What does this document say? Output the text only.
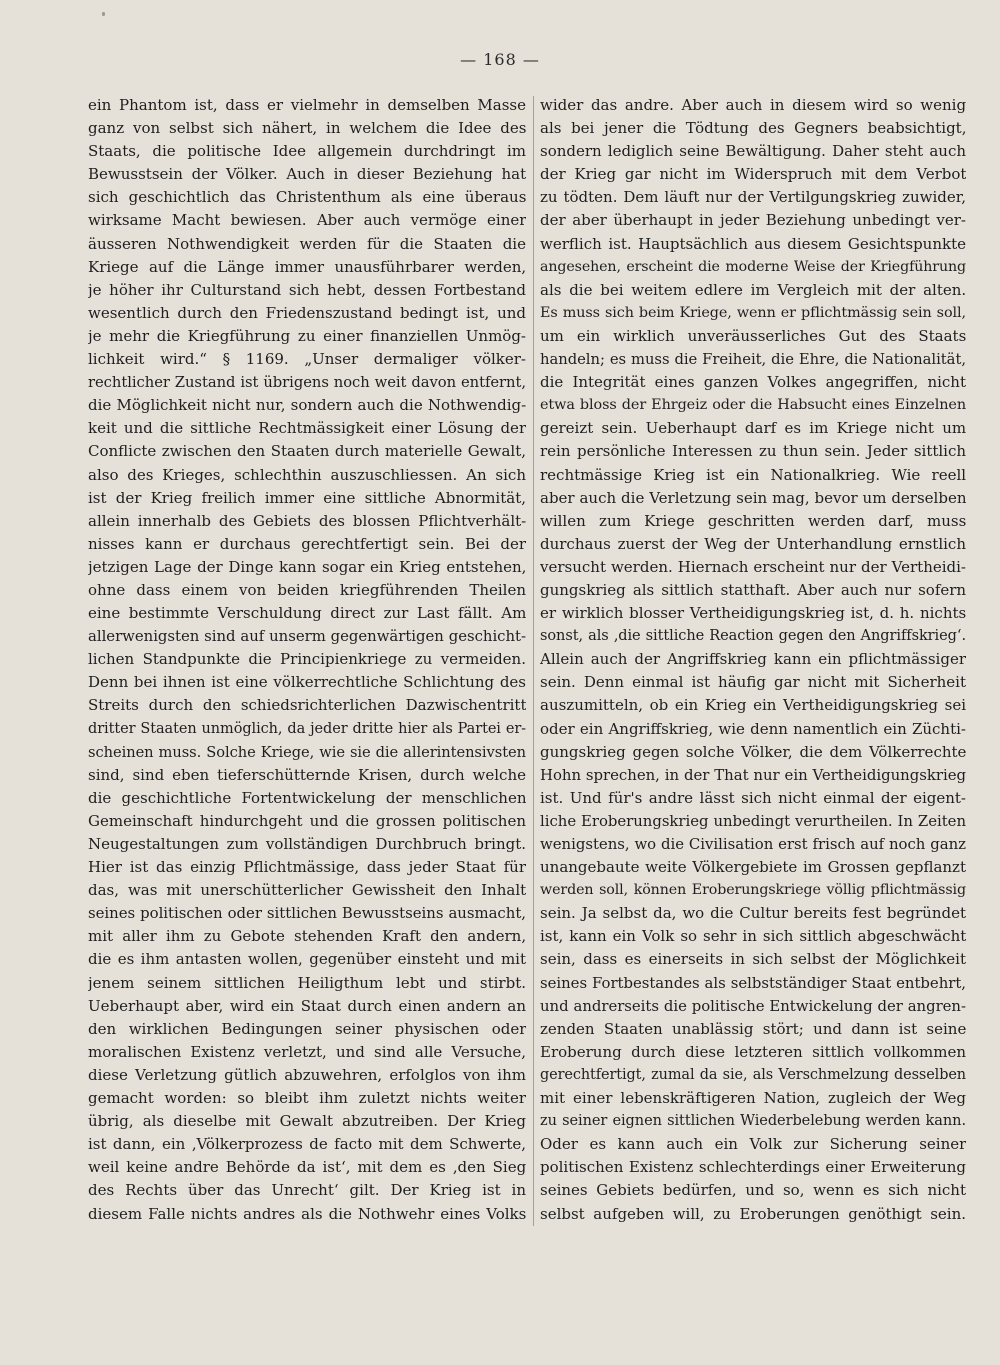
— 168 —
ein Phantom ist, dass er vielmehr in demselben Masse
ganz von selbst sich nähert, in welchem die Idee des
Staats, die politische Idee allgemein durchdringt im
Bewusstsein der Völker. Auch in dieser Beziehung hat
sich geschichtlich das Christenthum als eine überaus
wirksame Macht bewiesen. Aber auch vermöge einer
äusseren Nothwendigkeit werden für die Staaten die
Kriege auf die Länge immer unausführbarer werden,
je höher ihr Culturstand sich hebt, dessen Fortbestand
wesentlich durch den Friedenszustand bedingt ist, und
je mehr die Kriegführung zu einer finanziellen Unmög-
lichkeit wird.“ § 1169. „Unser dermaliger völker-
rechtlicher Zustand ist übrigens noch weit davon entfernt,
die Möglichkeit nicht nur, sondern auch die Nothwendig-
keit und die sittliche Rechtmässigkeit einer Lösung der
Conflicte zwischen den Staaten durch materielle Gewalt,
also des Krieges, schlechthin auszuschliessen. An sich
ist der Krieg freilich immer eine sittliche Abnormität,
allein innerhalb des Gebiets des blossen Pflichtverhält-
nisses kann er durchaus gerechtfertigt sein. Bei der
jetzigen Lage der Dinge kann sogar ein Krieg entstehen,
ohne dass einem von beiden kriegführenden Theilen
eine bestimmte Verschuldung direct zur Last fällt. Am
allerwenigsten sind auf unserm gegenwärtigen geschicht-
lichen Standpunkte die Principienkriege zu vermeiden.
Denn bei ihnen ist eine völkerrechtliche Schlichtung des
Streits durch den schiedsrichterlichen Dazwischentritt
dritter Staaten unmöglich, da jeder dritte hier als Partei er-
scheinen muss. Solche Kriege, wie sie die allerintensivsten
sind, sind eben tieferschütternde Krisen, durch welche
die geschichtliche Fortentwickelung der menschlichen
Gemeinschaft hindurchgeht und die grossen politischen
Neugestaltungen zum vollständigen Durchbruch bringt.
Hier ist das einzig Pflichtmässige, dass jeder Staat für
das, was mit unerschütterlicher Gewissheit den Inhalt
seines politischen oder sittlichen Bewusstseins ausmacht,
mit aller ihm zu Gebote stehenden Kraft den andern,
die es ihm antasten wollen, gegenüber einsteht und mit
jenem seinem sittlichen Heiligthum lebt und stirbt.
Ueberhaupt aber, wird ein Staat durch einen andern an
den wirklichen Bedingungen seiner physischen oder
moralischen Existenz verletzt, und sind alle Versuche,
diese Verletzung gütlich abzuwehren, erfolglos von ihm
gemacht worden: so bleibt ihm zuletzt nichts weiter
übrig, als dieselbe mit Gewalt abzutreiben. Der Krieg
ist dann, ein ‚Völkerprozess de facto mit dem Schwerte,
weil keine andre Behörde da ist‘, mit dem es ‚den Sieg
des Rechts über das Unrecht‘ gilt. Der Krieg ist in
diesem Falle nichts andres als die Nothwehr eines Volks
wider das andre. Aber auch in diesem wird so wenig
als bei jener die Tödtung des Gegners beabsichtigt,
sondern lediglich seine Bewältigung. Daher steht auch
der Krieg gar nicht im Widerspruch mit dem Verbot
zu tödten. Dem läuft nur der Vertilgungskrieg zuwider,
der aber überhaupt in jeder Beziehung unbedingt ver-
werflich ist. Hauptsächlich aus diesem Gesichtspunkte
angesehen, erscheint die moderne Weise der Kriegführung
als die bei weitem edlere im Vergleich mit der alten.
Es muss sich beim Kriege, wenn er pflichtmässig sein soll,
um ein wirklich unveräusserliches Gut des Staats
handeln; es muss die Freiheit, die Ehre, die Nationalität,
die Integrität eines ganzen Volkes angegriffen, nicht
etwa bloss der Ehrgeiz oder die Habsucht eines Einzelnen
gereizt sein. Ueberhaupt darf es im Kriege nicht um
rein persönliche Interessen zu thun sein. Jeder sittlich
rechtmässige Krieg ist ein Nationalkrieg. Wie reell
aber auch die Verletzung sein mag, bevor um derselben
willen zum Kriege geschritten werden darf, muss
durchaus zuerst der Weg der Unterhandlung ernstlich
versucht werden. Hiernach erscheint nur der Vertheidi-
gungskrieg als sittlich statthaft. Aber auch nur sofern
er wirklich blosser Vertheidigungskrieg ist, d. h. nichts
sonst, als ‚die sittliche Reaction gegen den Angriffskrieg‘.
Allein auch der Angriffskrieg kann ein pflichtmässiger
sein. Denn einmal ist häufig gar nicht mit Sicherheit
auszumitteln, ob ein Krieg ein Vertheidigungskrieg sei
oder ein Angriffskrieg, wie denn namentlich ein Züchti-
gungskrieg gegen solche Völker, die dem Völkerrechte
Hohn sprechen, in der That nur ein Vertheidigungskrieg
ist. Und für's andre lässt sich nicht einmal der eigent-
liche Eroberungskrieg unbedingt verurtheilen. In Zeiten
wenigstens, wo die Civilisation erst frisch auf noch ganz
unangebaute weite Völkergebiete im Grossen gepflanzt
werden soll, können Eroberungskriege völlig pflichtmässig
sein. Ja selbst da, wo die Cultur bereits fest begründet
ist, kann ein Volk so sehr in sich sittlich abgeschwächt
sein, dass es einerseits in sich selbst der Möglichkeit
seines Fortbestandes als selbstständiger Staat entbehrt,
und andrerseits die politische Entwickelung der angren-
zenden Staaten unablässig stört; und dann ist seine
Eroberung durch diese letzteren sittlich vollkommen
gerechtfertigt, zumal da sie, als Verschmelzung desselben
mit einer lebenskräftigeren Nation, zugleich der Weg
zu seiner eignen sittlichen Wiederbelebung werden kann.
Oder es kann auch ein Volk zur Sicherung seiner
politischen Existenz schlechterdings einer Erweiterung
seines Gebiets bedürfen, und so, wenn es sich nicht
selbst aufgeben will, zu Eroberungen genöthigt sein.
